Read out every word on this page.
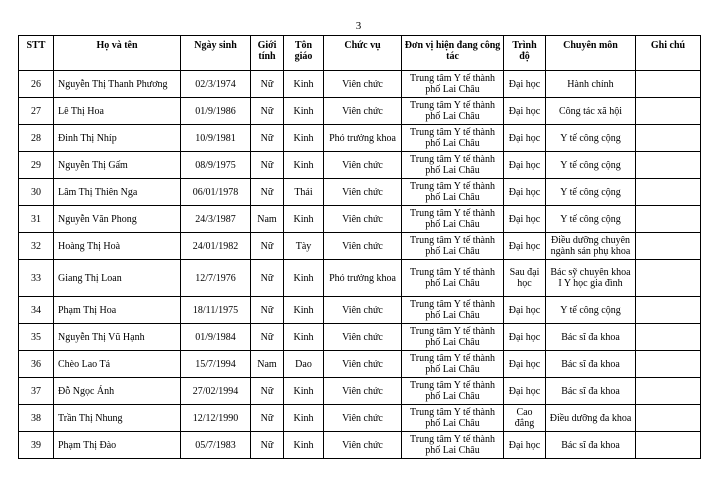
3
STT	Họ và tên	Ngày sinh	Giới tính	Tôn giáo	Chức vụ	Đơn vị hiện đang công tác	Trình độ	Chuyên môn	Ghi chú
26	Nguyễn Thị Thanh Phương	02/3/1974	Nữ	Kinh	Viên chức	Trung tâm Y tế thành phố Lai Châu	Đại học	Hành chính	
27	Lê Thị Hoa	01/9/1986	Nữ	Kinh	Viên chức	Trung tâm Y tế thành phố Lai Châu	Đại học	Công tác xã hội	
28	Đinh Thị Nhíp	10/9/1981	Nữ	Kinh	Phó trưởng khoa	Trung tâm Y tế thành phố Lai Châu	Đại học	Y tế công cộng	
29	Nguyễn Thị Gấm	08/9/1975	Nữ	Kinh	Viên chức	Trung tâm Y tế thành phố Lai Châu	Đại học	Y tế công cộng	
30	Lâm Thị Thiên Nga	06/01/1978	Nữ	Thái	Viên chức	Trung tâm Y tế thành phố Lai Châu	Đại học	Y tế công cộng	
31	Nguyễn Văn Phong	24/3/1987	Nam	Kinh	Viên chức	Trung tâm Y tế thành phố Lai Châu	Đại học	Y tế công cộng	
32	Hoàng Thị Hoà	24/01/1982	Nữ	Tày	Viên chức	Trung tâm Y tế thành phố Lai Châu	Đại học	Điều dưỡng chuyên ngành sản phụ khoa	
33	Giang Thị Loan	12/7/1976	Nữ	Kinh	Phó trưởng khoa	Trung tâm Y tế thành phố Lai Châu	Sau đại học	Bác sỹ chuyên khoa I Y học gia đình	
34	Phạm Thị Hoa	18/11/1975	Nữ	Kinh	Viên chức	Trung tâm Y tế thành phố Lai Châu	Đại học	Y tế công cộng	
35	Nguyễn Thị Vũ Hạnh	01/9/1984	Nữ	Kinh	Viên chức	Trung tâm Y tế thành phố Lai Châu	Đại học	Bác sĩ đa khoa	
36	Chèo Lao Tả	15/7/1994	Nam	Dao	Viên chức	Trung tâm Y tế thành phố Lai Châu	Đại học	Bác sĩ đa khoa	
37	Đỗ Ngọc Ánh	27/02/1994	Nữ	Kinh	Viên chức	Trung tâm Y tế thành phố Lai Châu	Đại học	Bác sĩ đa khoa	
38	Trần Thị Nhung	12/12/1990	Nữ	Kinh	Viên chức	Trung tâm Y tế thành phố Lai Châu	Cao đẳng	Điều dưỡng đa khoa	
39	Phạm Thị Đào	05/7/1983	Nữ	Kinh	Viên chức	Trung tâm Y tế thành phố Lai Châu	Đại học	Bác sĩ đa khoa	
